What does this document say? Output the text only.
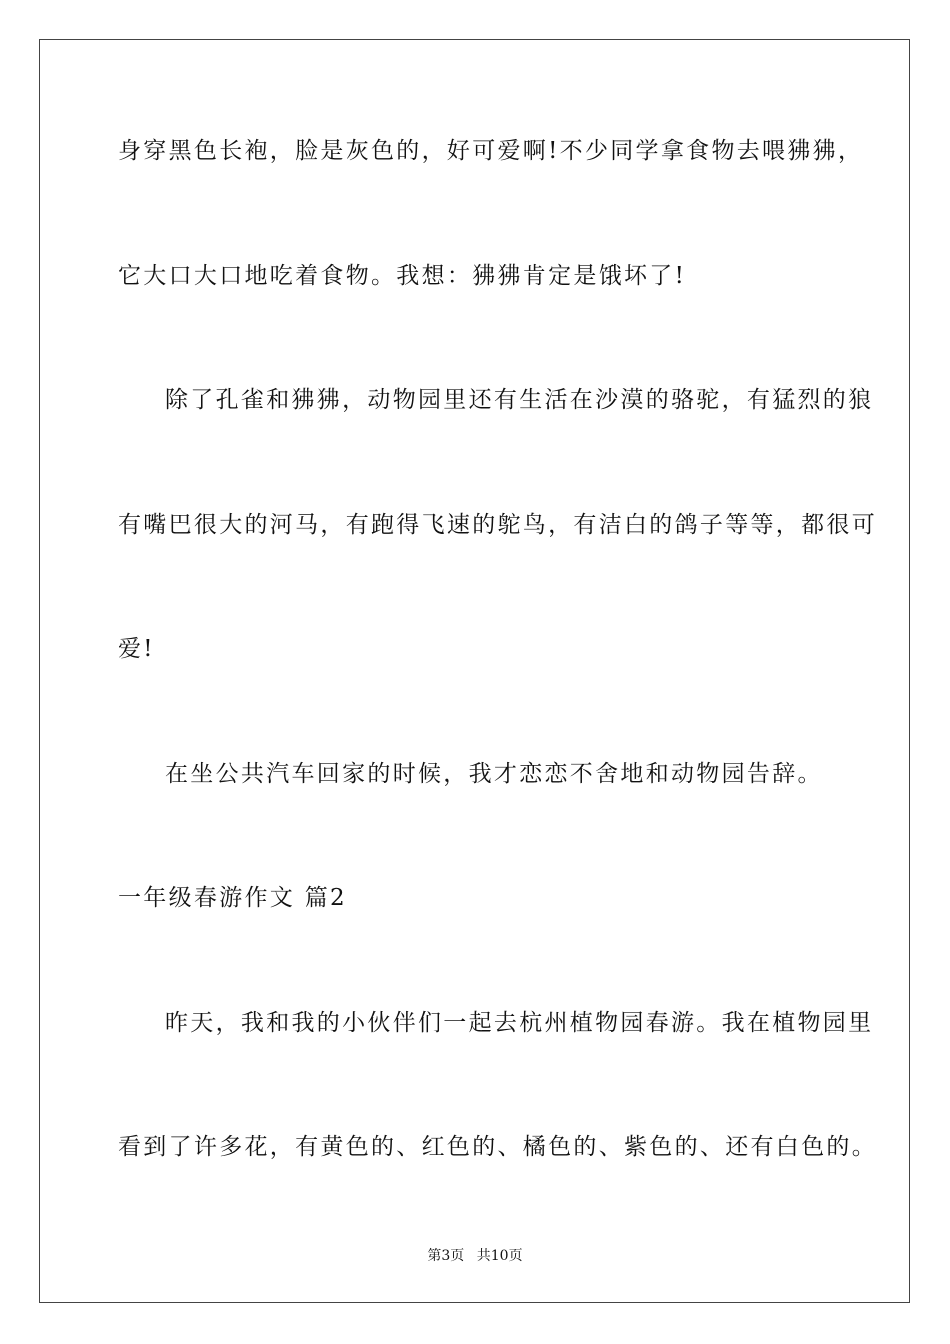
身穿黑色长袍，脸是灰色的，好可爱啊!不少同学拿食物去喂狒狒，
它大口大口地吃着食物。我想：狒狒肯定是饿坏了!
除了孔雀和狒狒，动物园里还有生活在沙漠的骆驼，有猛烈的狼
有嘴巴很大的河马，有跑得飞速的鸵鸟，有洁白的鸽子等等，都很可
爱!
在坐公共汽车回家的时候，我才恋恋不舍地和动物园告辞。
一年级春游作文 篇2
昨天，我和我的小伙伴们一起去杭州植物园春游。我在植物园里
看到了许多花，有黄色的、红色的、橘色的、紫色的、还有白色的。
第3页 共10页
